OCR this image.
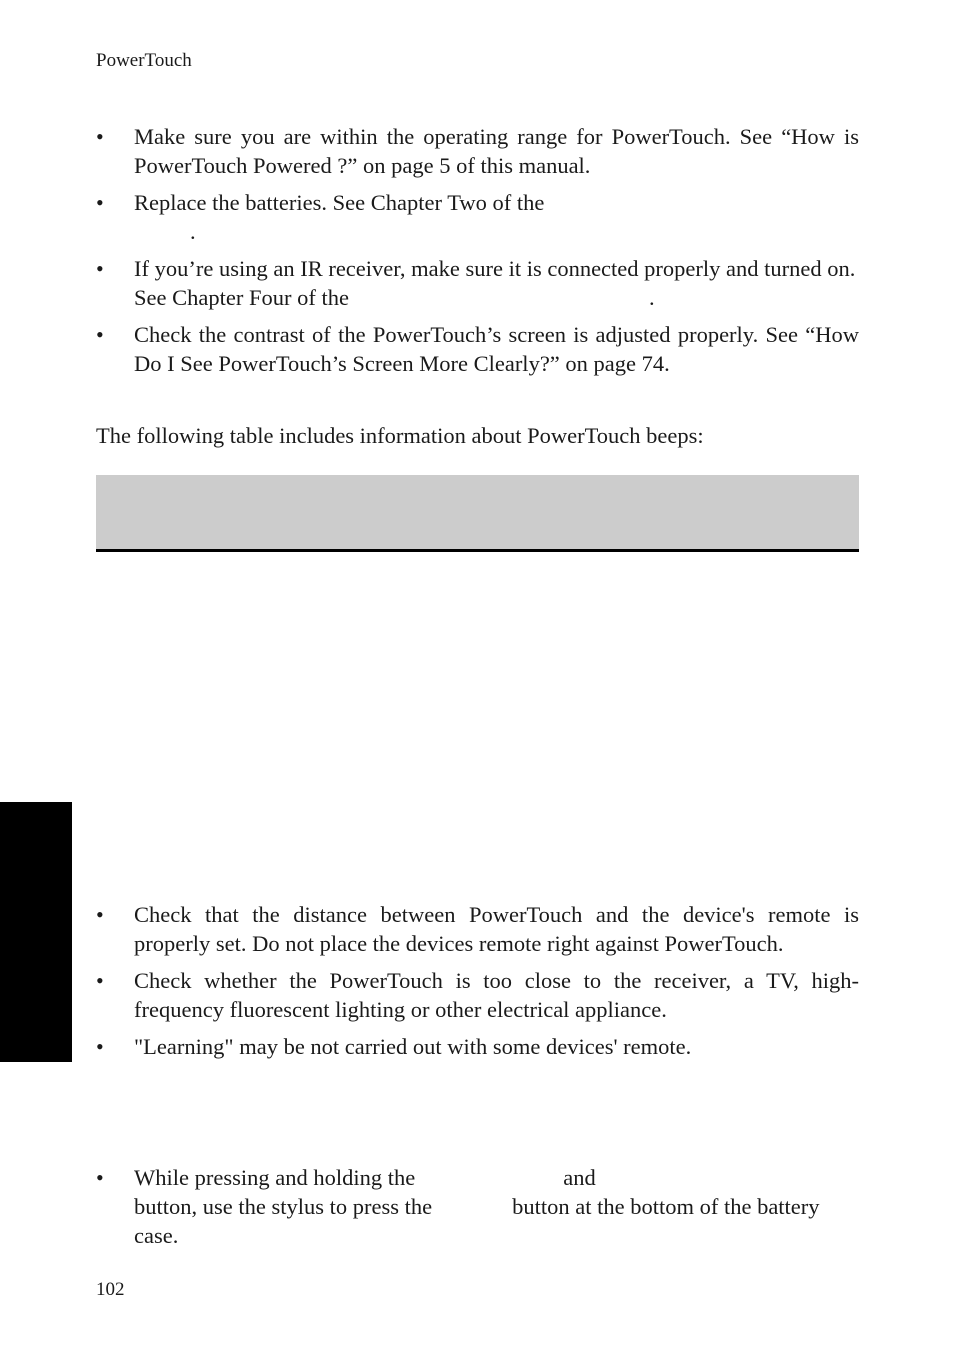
PowerTouch
• Make sure you are within the operating range for PowerTouch. See “How is PowerTouch Powered ?” on page 5 of this manual.
• Replace the batteries. See Chapter Two of the
.
• If you’re using an IR receiver, make sure it is connected properly and turned on. See Chapter Four of the	.
• Check the contrast of the PowerTouch’s screen is adjusted properly. See “How Do I See PowerTouch’s Screen More Clearly?” on page 74.
The following table includes information about PowerTouch beeps:
• Check that the distance between PowerTouch and the device's remote is properly set. Do not place the devices remote right against PowerTouch.
• Check whether the PowerTouch is too close to the receiver, a TV, high-frequency fluorescent lighting or other electrical appliance.
• "Learning" may be not carried out with some devices' remote.
• While pressing and holding the	and
button, use the stylus to press the	button at the bottom of the battery case.
102
